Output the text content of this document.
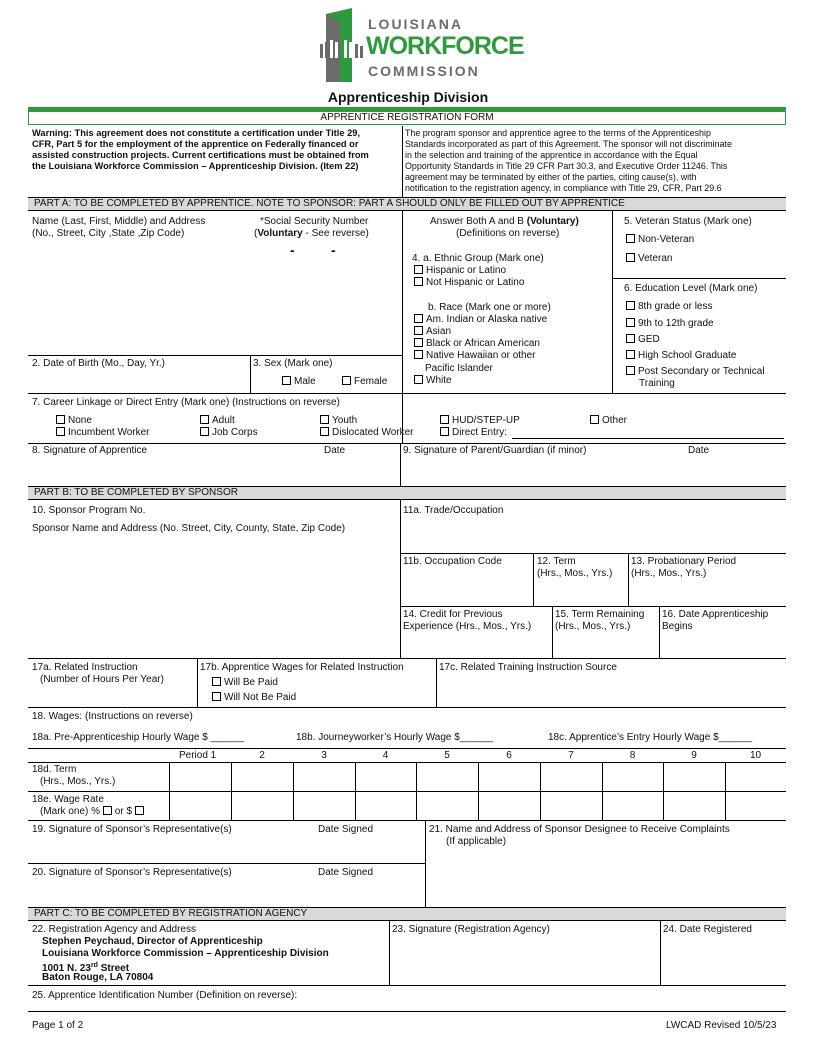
LOUISIANA
WORKFORCE
COMMISSION
Apprenticeship Division
APPRENTICE REGISTRATION FORM
Warning: This agreement does not constitute a certification under Title 29,
CFR, Part 5 for the employment of the apprentice on Federally financed or
assisted construction projects. Current certifications must be obtained from
the Louisiana Workforce Commission – Apprenticeship Division. (Item 22)
The program sponsor and apprentice agree to the terms of the Apprenticeship
Standards incorporated as part of this Agreement. The sponsor will not discriminate
in the selection and training of the apprentice in accordance with the Equal
Opportunity Standards in Title 29 CFR Part 30.3, and Executive Order 11246. This
agreement may be terminated by either of the parties, citing cause(s), with
notification to the registration agency, in compliance with Title 29, CFR, Part 29.6
PART A: TO BE COMPLETED BY APPRENTICE. NOTE TO SPONSOR: PART A SHOULD ONLY BE FILLED OUT BY APPRENTICE
Name (Last, First, Middle) and Address
(No., Street, City ,State ,Zip Code)
*Social Security Number
(Voluntary - See reverse)
-	-
Answer Both A and B (Voluntary)
(Definitions on reverse)
4. a. Ethnic Group (Mark one)
Hispanic or Latino
Not Hispanic or Latino
b. Race (Mark one or more)
Am. Indian or Alaska native
Asian
Black or African American
Native Hawaiian or other
Pacific Islander
White
5. Veteran Status (Mark one)
Non-Veteran
Veteran
6. Education Level (Mark one)
8th grade or less
9th to 12th grade
GED
High School Graduate
Post Secondary or Technical
Training
2. Date of Birth (Mo., Day, Yr.)	3. Sex (Mark one)
Male	Female
7. Career Linkage or Direct Entry (Mark one) (Instructions on reverse)
None
Incumbent Worker
Adult
Job Corps
Youth
Dislocated Worker
HUD/STEP-UP
Direct Entry:
Other
8. Signature of Apprentice	Date	9. Signature of Parent/Guardian (if minor)	Date
PART B: TO BE COMPLETED BY SPONSOR
10. Sponsor Program No.
Sponsor Name and Address (No. Street, City, County, State, Zip Code)
11a. Trade/Occupation
11b. Occupation Code	12. Term
(Hrs., Mos., Yrs.)
13. Probationary Period
(Hrs., Mos., Yrs.)
14. Credit for Previous
Experience (Hrs., Mos., Yrs.)
15. Term Remaining
(Hrs., Mos., Yrs.)
16. Date Apprenticeship
Begins
17a. Related Instruction
(Number of Hours Per Year)
17b. Apprentice Wages for Related Instruction
Will Be Paid
Will Not Be Paid
17c. Related Training Instruction Source
18. Wages: (Instructions on reverse)
18a. Pre-Apprenticeship Hourly Wage $ ______	18b. Journeyworker’s Hourly Wage $______	18c. Apprentice’s Entry Hourly Wage $______
Period 1	2	3	4	5	6	7	8	9	10
18d. Term
(Hrs., Mos., Yrs.)
18e. Wage Rate
(Mark one) % or $
19. Signature of Sponsor’s Representative(s)	Date Signed	21. Name and Address of Sponsor Designee to Receive Complaints
(If applicable)
20. Signature of Sponsor’s Representative(s)	Date Signed
PART C: TO BE COMPLETED BY REGISTRATION AGENCY
22. Registration Agency and Address
Stephen Peychaud, Director of Apprenticeship
Louisiana Workforce Commission – Apprenticeship Division
1001 N. 23rd Street
Baton Rouge, LA 70804
23. Signature (Registration Agency)	24. Date Registered
25. Apprentice Identification Number (Definition on reverse):
Page 1 of 2	LWCAD Revised 10/5/23
